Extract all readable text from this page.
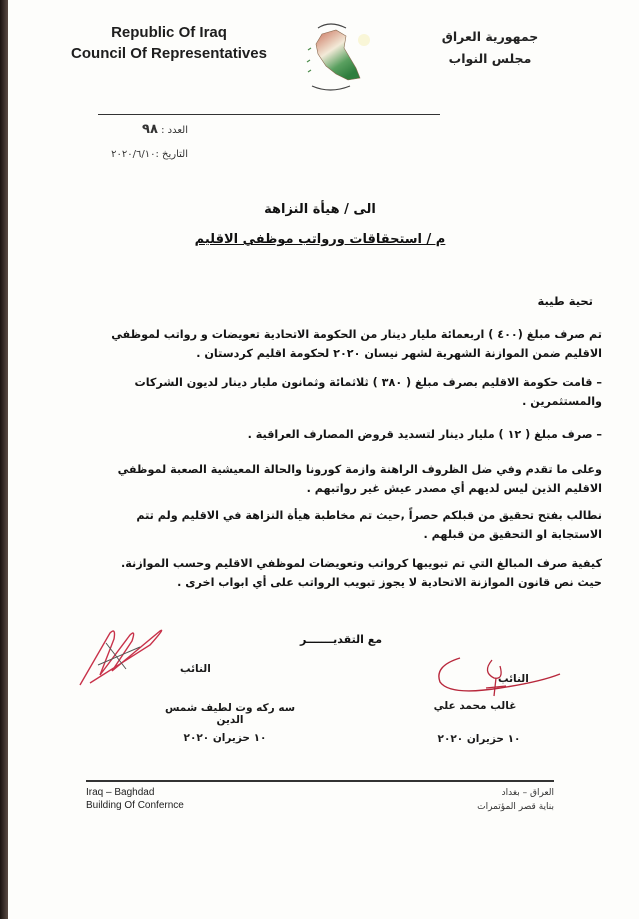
Republic Of Iraq
Council Of Representatives
جمهورية العراق
مجلس النواب
العدد : ٩٨
التاريخ :٢٠٢٠/٦/١٠
الى / هيأة النزاهة
م / استحقاقات ورواتب موظفي الاقليم
تحية طيبة
تم صرف مبلغ (٤٠٠ ) اربعمائة مليار دينار من الحكومة الاتحادية تعويضات و رواتب لموظفي الاقليم ضمن الموازنة الشهرية لشهر نيسان ٢٠٢٠ لحكومة اقليم كردستان .
– قامت حكومة الاقليم بصرف مبلغ ( ٣٨٠ ) ثلاثمائة وثمانون مليار دينار لديون الشركات والمستثمرين .
– صرف مبلغ ( ١٢ ) مليار دينار لتسديد قروض المصارف العراقية .
وعلى ما تقدم وفي ضل الظروف الراهنة وازمة كورونا والحالة المعيشية الصعبة لموظفي الاقليم الذين ليس لديهم أي مصدر عيش غير رواتبهم .
نطالب بفتح تحقيق من قبلكم حصراً ,حيث تم مخاطبة هيأة النزاهة في الاقليم ولم تتم الاستجابة او التحقيق من قبلهم .
كيفية صرف المبالغ التي تم تبويبها كرواتب وتعويضات لموظفي الاقليم وحسب الموازنة. حيث نص قانون الموازنة الاتحادية لا يجوز تبويب الرواتب على أي ابواب اخرى .
مع التقديـــــــر
النائب
سه ركه وت لطيف شمس الدين
١٠ حزيران ٢٠٢٠
النائب
غالب محمد علي
١٠ حزيران ٢٠٢٠
Iraq – Baghdad
Building Of Confernce
العراق – بغداد
بناية قصر المؤتمرات
